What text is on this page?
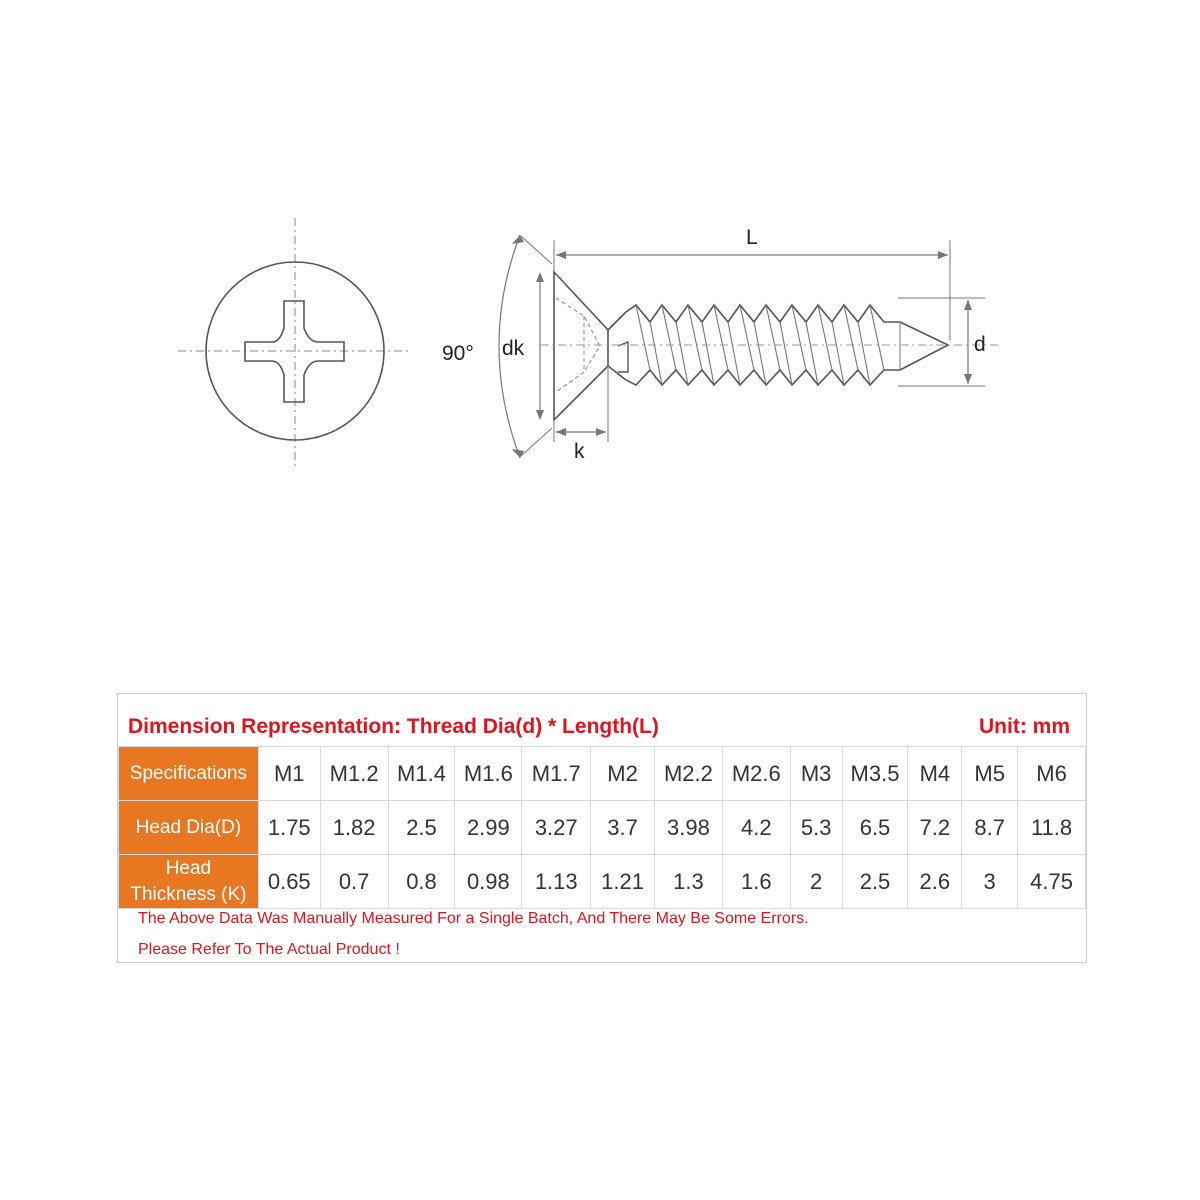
90° dk
L
d
k
Dimension Representation: Thread Dia(d) * Length(L)	Unit: mm
Specifications	M1	M1.2	M1.4	M1.6	M1.7	M2	M2.2	M2.6	M3	M3.5	M4	M5	M6
Head Dia(D)	1.75	1.82	2.5	2.99	3.27	3.7	3.98	4.2	5.3	6.5	7.2	8.7	11.8
Head
Thickness (K)	0.65	0.7	0.8	0.98	1.13	1.21	1.3	1.6	2	2.5	2.6	3	4.75
The Above Data Was Manually Measured For a Single Batch, And There May Be Some Errors.
Please Refer To The Actual Product !
